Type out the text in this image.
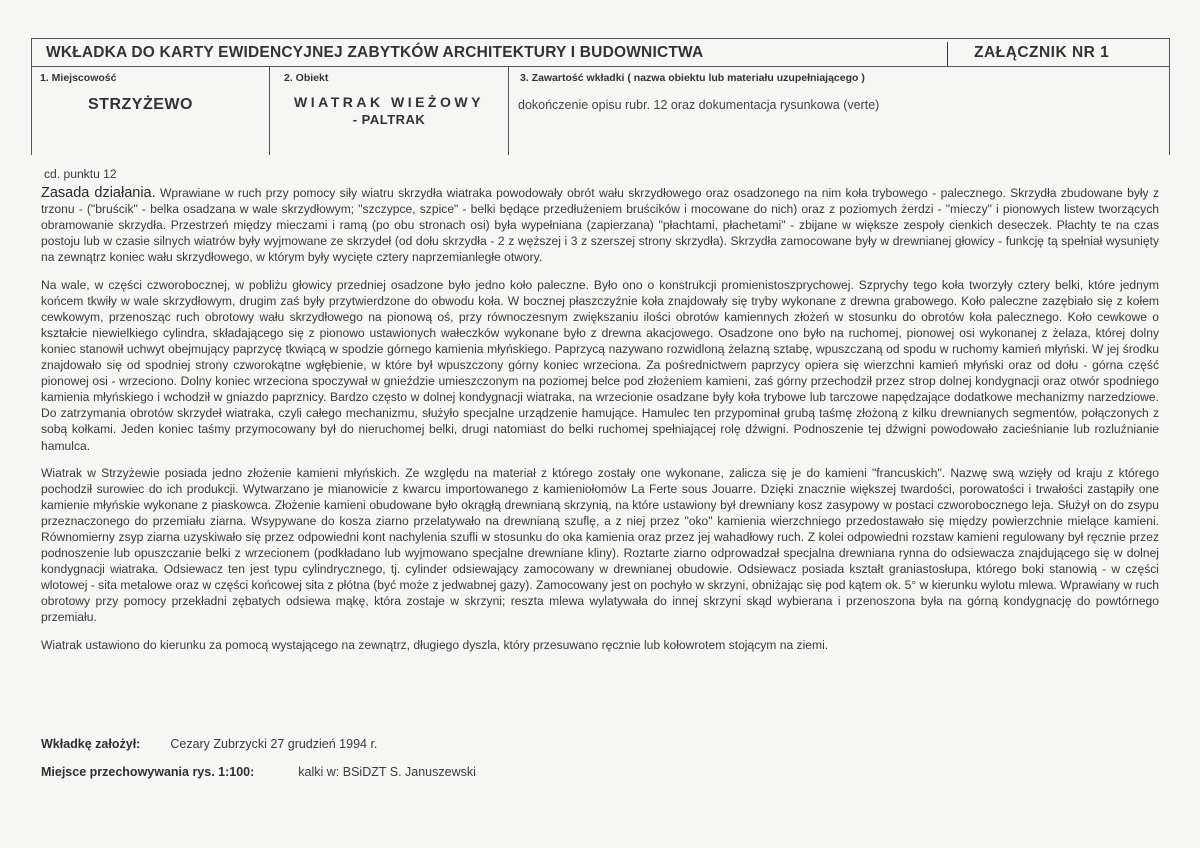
WKŁADKA DO KARTY EWIDENCYJNEJ ZABYTKÓW ARCHITEKTURY I BUDOWNICTWA	ZAŁĄCZNIK NR 1
1. Miejscowość
STRZYŻEWO
2. Obiekt
WIATRAK WIEŻOWY
- PALTRAK
3. Zawartość wkładki ( nazwa obiektu lub materiału uzupełniającego )
dokończenie opisu rubr. 12 oraz dokumentacja rysunkowa (verte)

cd. punktu 12

Zasada działania. Wprawiane w ruch przy pomocy siły wiatru skrzydła wiatraka powodowały obrót wału skrzydłowego oraz osadzonego na nim koła trybowego - palecznego. Skrzydła zbudowane były z trzonu - ("bruścik" - belka osadzana w wale skrzydłowym; "szczypce, szpice" - belki będące przedłużeniem bruścików i mocowane do nich) oraz z poziomych żerdzi - "mieczy" i pionowych listew tworzących obramowanie skrzydła. Przestrzeń między mieczami i ramą (po obu stronach osi) była wypełniana (zapierzana) "płachtami, płachetami" - zbijane w większe zespoły cienkich deseczek. Płachty te na czas postoju lub w czasie silnych wiatrów były wyjmowane ze skrzydeł (od dołu skrzydła - 2 z węższej i 3 z szerszej strony skrzydła). Skrzydła zamocowane były w drewnianej głowicy - funkcję tą spełniał wysunięty na zewnątrz koniec wału skrzydłowego, w którym były wycięte cztery naprzemianległe otwory.

Na wale, w części czworobocznej, w pobliżu głowicy przedniej osadzone było jedno koło paleczne. Było ono o konstrukcji promienistoszprychowej. Szprychy tego koła tworzyły cztery belki, które jednym końcem tkwiły w wale skrzydłowym, drugim zaś były przytwierdzone do obwodu koła. W bocznej płaszczyźnie koła znajdowały się tryby wykonane z drewna grabowego. Koło paleczne zazębiało się z kołem cewkowym, przenosząc ruch obrotowy wału skrzydłowego na pionową oś, przy równoczesnym zwiększaniu ilości obrotów kamiennych złożeń w stosunku do obrotów koła palecznego. Koło cewkowe o kształcie niewielkiego cylindra, składającego się z pionowo ustawionych wałeczków wykonane było z drewna akacjowego. Osadzone ono było na ruchomej, pionowej osi wykonanej z żelaza, której dolny koniec stanowił uchwyt obejmujący paprzycę tkwiącą w spodzie górnego kamienia młyńskiego. Paprzycą nazywano rozwidloną żelazną sztabę, wpuszczaną od spodu w ruchomy kamień młyński. W jej środku znajdowało się od spodniej strony czworokątne wgłębienie, w które był wpuszczony górny koniec wrzeciona. Za pośrednictwem paprzycy opiera się wierzchni kamień młyński oraz od dołu - górna część pionowej osi - wrzeciono. Dolny koniec wrzeciona spoczywał w gnieździe umieszczonym na poziomej belce pod złożeniem kamieni, zaś górny przechodził przez strop dolnej kondygnacji oraz otwór spodniego kamienia młyńskiego i wchodził w gniazdo paprznicy. Bardzo często w dolnej kondygnacji wiatraka, na wrzecionie osadzane były koła trybowe lub tarczowe napędzające dodatkowe mechanizmy narzedziowe. Do zatrzymania obrotów skrzydeł wiatraka, czyli całego mechanizmu, służyło specjalne urządzenie hamujące. Hamulec ten przypominał grubą taśmę złożoną z kilku drewnianych segmentów, połączonych z sobą kołkami. Jeden koniec taśmy przymocowany był do nieruchomej belki, drugi natomiast do belki ruchomej spełniającej rolę dźwigni. Podnoszenie tej dźwigni powodowało zacieśnianie lub rozluźnianie hamulca.

Wiatrak w Strzyżewie posiada jedno złożenie kamieni młyńskich. Ze względu na materiał z którego zostały one wykonane, zalicza się je do kamieni "francuskich". Nazwę swą wzięły od kraju z którego pochodził surowiec do ich produkcji. Wytwarzano je mianowicie z kwarcu importowanego z kamieniołomów La Ferte sous Jouarre. Dzięki znacznie większej twardości, porowatości i trwałości zastąpiły one kamienie młyńskie wykonane z piaskowca. Złożenie kamieni obudowane było okrągłą drewnianą skrzynią, na które ustawiony był drewniany kosz zasypowy w postaci czworobocznego leja. Służył on do zsypu przeznaczonego do przemiału ziarna. Wsypywane do kosza ziarno przelatywało na drewnianą szuflę, a z niej przez "oko" kamienia wierzchniego przedostawało się między powierzchnie mielące kamieni. Równomierny zsyp ziarna uzyskiwało się przez odpowiedni kont nachylenia szufli w stosunku do oka kamienia oraz przez jej wahadłowy ruch. Z kolei odpowiedni rozstaw kamieni regulowany był ręcznie przez podnoszenie lub opuszczanie belki z wrzecionem (podkładano lub wyjmowano specjalne drewniane kliny). Roztarte ziarno odprowadzał specjalna drewniana rynna do odsiewacza znajdującego się w dolnej kondygnacji wiatraka. Odsiewacz ten jest typu cylindrycznego, tj. cylinder odsiewający zamocowany w drewnianej obudowie. Odsiewacz posiada kształt graniastosłupa, którego boki stanowią - w części wlotowej - sita metalowe oraz w części końcowej sita z płótna (być może z jedwabnej gazy). Zamocowany jest on pochyło w skrzyni, obniżając się pod kątem ok. 5° w kierunku wylotu mlewa. Wprawiany w ruch obrotowy przy pomocy przekładni zębatych odsiewa mąkę, która zostaje w skrzyni; reszta mlewa wylatywała do innej skrzyni skąd wybierana i przenoszona była na górną kondygnację do powtórnego przemiału.

Wiatrak ustawiono do kierunku za pomocą wystającego na zewnątrz, długiego dyszla, który przesuwano ręcznie lub kołowrotem stojącym na ziemi.

Wkładkę założył: Cezary Zubrzycki 27 grudzień 1994 r.
Miejsce przechowywania rys. 1:100:	kalki w: BSiDZT S. Januszewski
